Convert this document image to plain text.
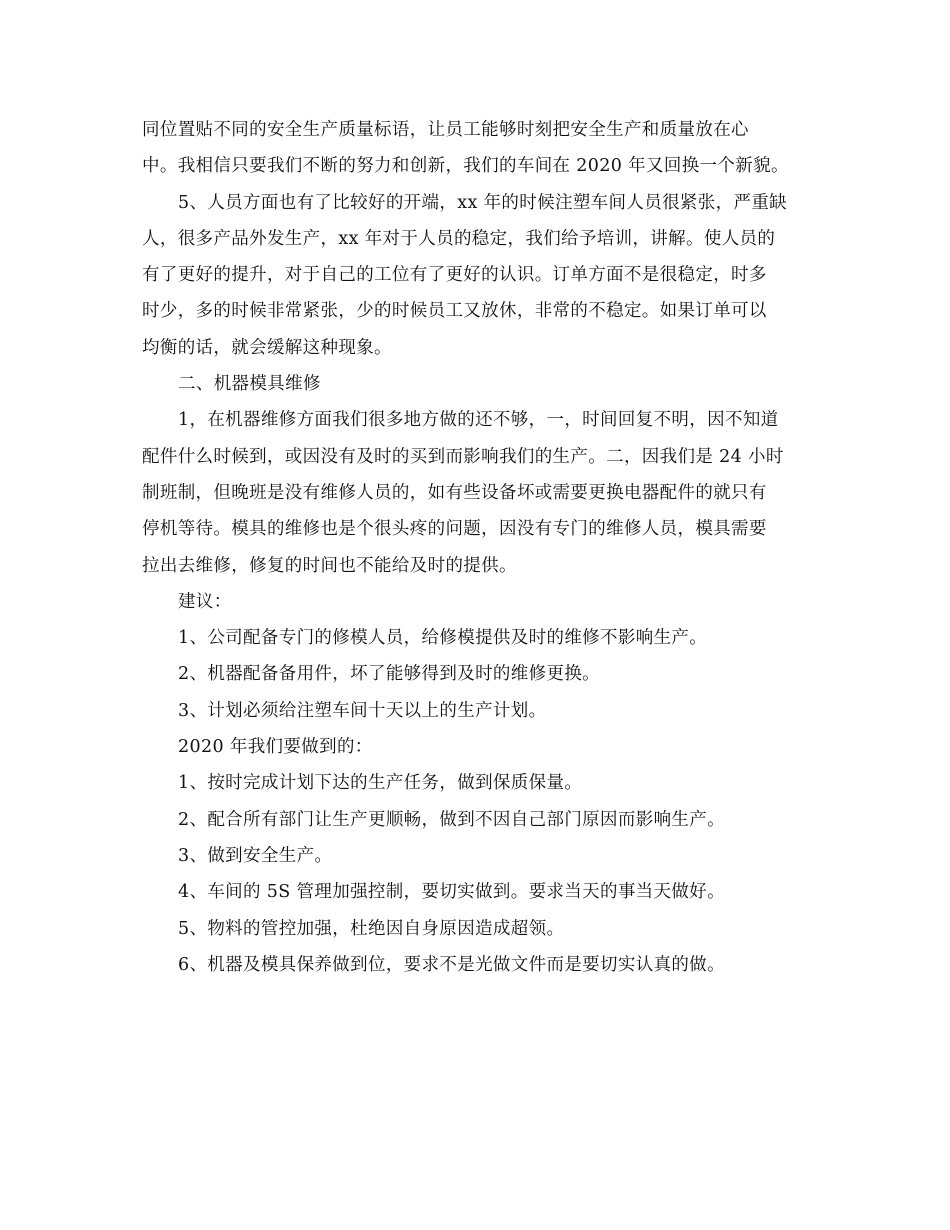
同位置贴不同的安全生产质量标语，让员工能够时刻把安全生产和质量放在心
中。我相信只要我们不断的努力和创新，我们的车间在 2020 年又回换一个新貌。

5、人员方面也有了比较好的开端，xx 年的时候注塑车间人员很紧张，严重缺
人，很多产品外发生产，xx 年对于人员的稳定，我们给予培训，讲解。使人员的
有了更好的提升，对于自己的工位有了更好的认识。订单方面不是很稳定，时多
时少，多的时候非常紧张，少的时候员工又放休，非常的不稳定。如果订单可以
均衡的话，就会缓解这种现象。

二、机器模具维修

1，在机器维修方面我们很多地方做的还不够，一，时间回复不明，因不知道
配件什么时候到，或因没有及时的买到而影响我们的生产。二，因我们是 24 小时
制班制，但晚班是没有维修人员的，如有些设备坏或需要更换电器配件的就只有
停机等待。模具的维修也是个很头疼的问题，因没有专门的维修人员，模具需要
拉出去维修，修复的时间也不能给及时的提供。

建议：

1、公司配备专门的修模人员，给修模提供及时的维修不影响生产。

2、机器配备备用件，坏了能够得到及时的维修更换。

3、计划必须给注塑车间十天以上的生产计划。

2020 年我们要做到的：

1、按时完成计划下达的生产任务，做到保质保量。

2、配合所有部门让生产更顺畅，做到不因自己部门原因而影响生产。

3、做到安全生产。

4、车间的 5S 管理加强控制，要切实做到。要求当天的事当天做好。

5、物料的管控加强，杜绝因自身原因造成超领。

6、机器及模具保养做到位，要求不是光做文件而是要切实认真的做。
